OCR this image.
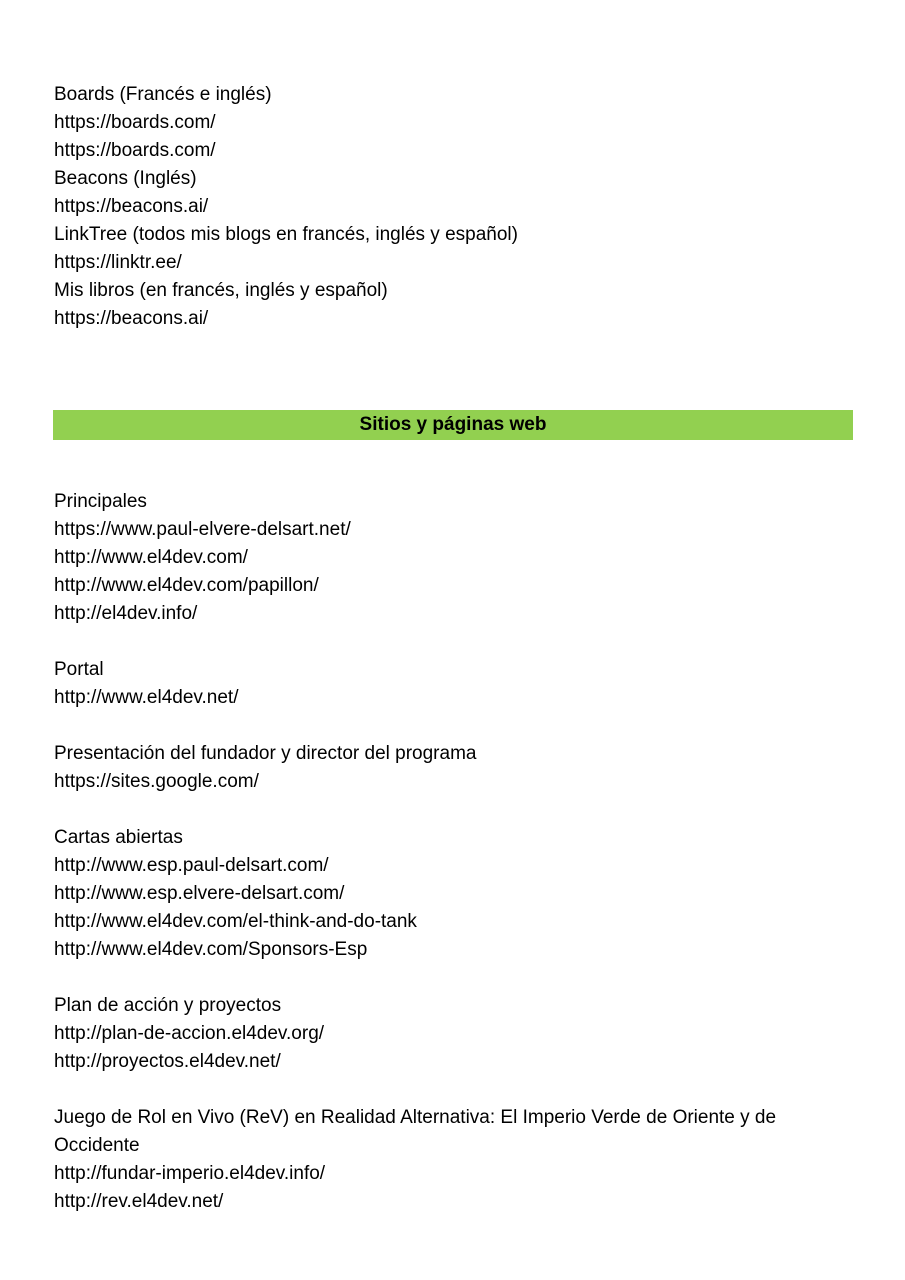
Boards (Francés e inglés)
https://boards.com/
https://boards.com/
Beacons (Inglés)
https://beacons.ai/
LinkTree (todos mis blogs en francés, inglés y español)
https://linktr.ee/
Mis libros (en francés, inglés y español)
https://beacons.ai/
Sitios y páginas web
Principales
https://www.paul-elvere-delsart.net/
http://www.el4dev.com/
http://www.el4dev.com/papillon/
http://el4dev.info/
Portal
http://www.el4dev.net/
Presentación del fundador y director del programa
https://sites.google.com/
Cartas abiertas
http://www.esp.paul-delsart.com/
http://www.esp.elvere-delsart.com/
http://www.el4dev.com/el-think-and-do-tank
http://www.el4dev.com/Sponsors-Esp
Plan de acción y proyectos
http://plan-de-accion.el4dev.org/
http://proyectos.el4dev.net/
Juego de Rol en Vivo (ReV) en Realidad Alternativa: El Imperio Verde de Oriente y de Occidente
http://fundar-imperio.el4dev.info/
http://rev.el4dev.net/
